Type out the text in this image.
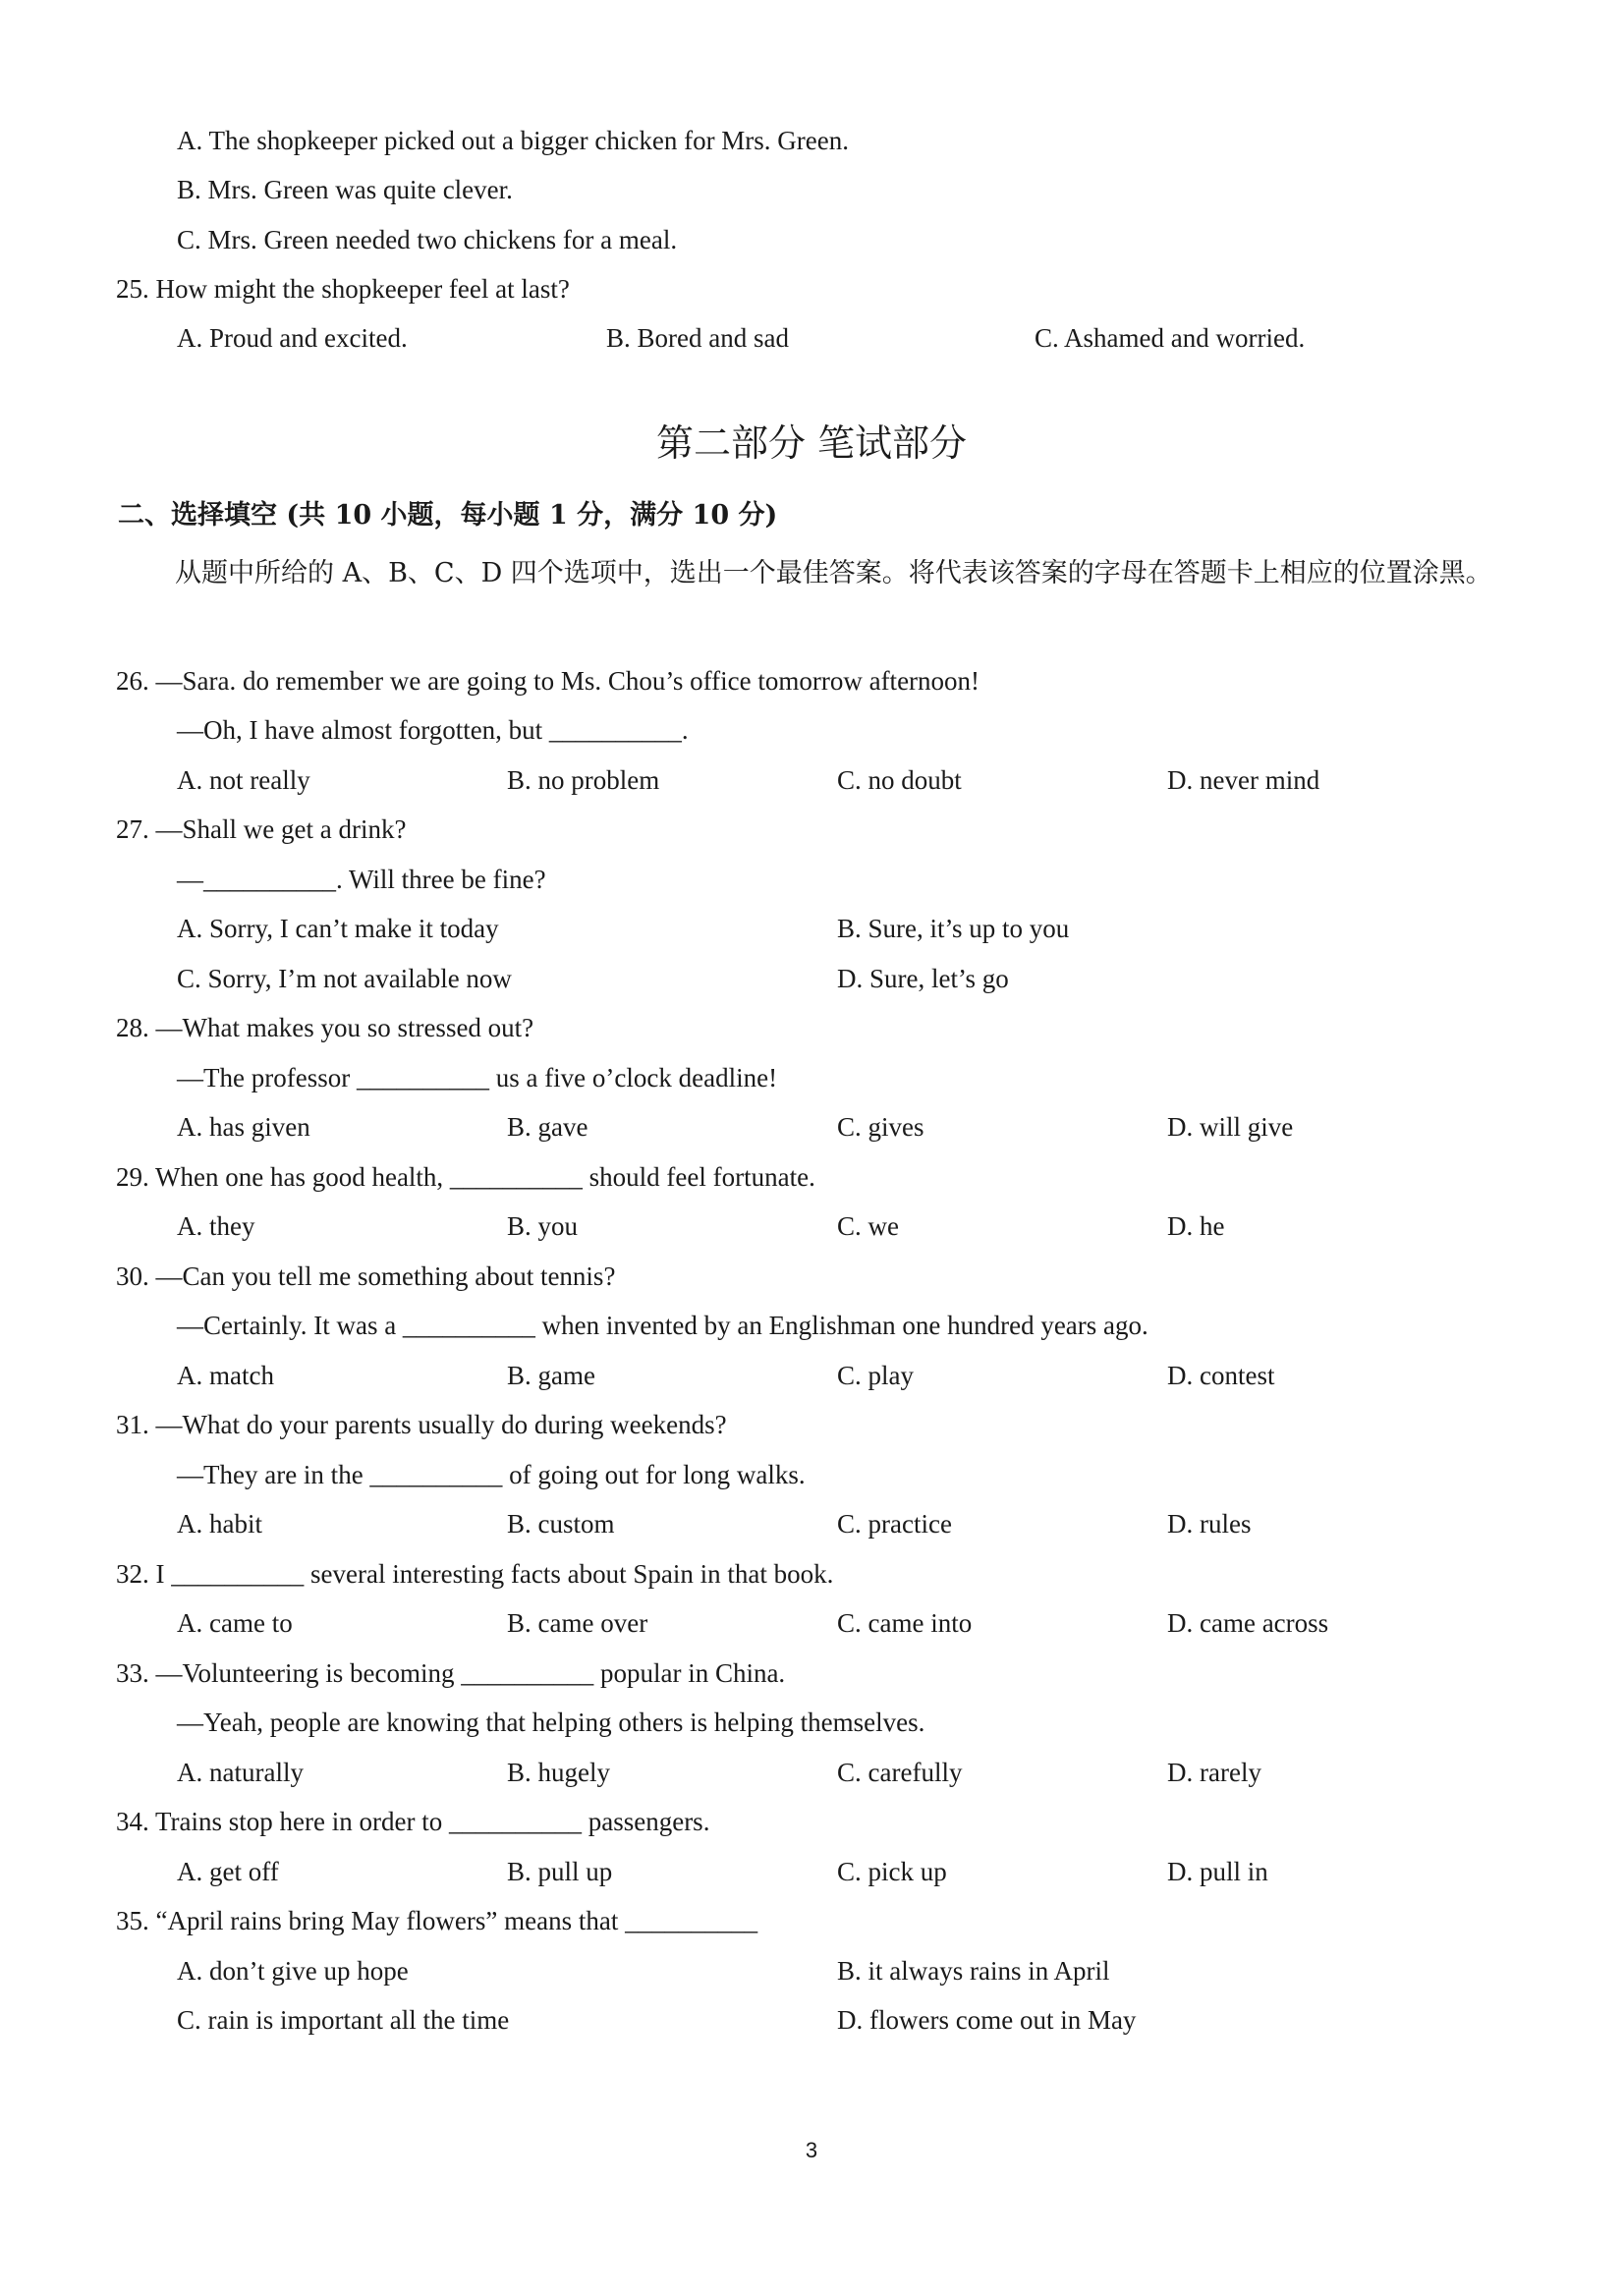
A. The shopkeeper picked out a bigger chicken for Mrs. Green.
B. Mrs. Green was quite clever.
C. Mrs. Green needed two chickens for a meal.
25. How might the shopkeeper feel at last?
A. Proud and excited.	B. Bored and sad	C. Ashamed and worried.
第二部分 笔试部分
二、选择填空 (共 10 小题，每小题 1 分，满分 10 分)
从题中所给的 A、B、C、D 四个选项中，选出一个最佳答案。将代表该答案的字母在答题卡上相应的位置涂黑。
26. —Sara. do remember we are going to Ms. Chou’s office tomorrow afternoon!
—Oh, I have almost forgotten, but __________.
A. not really	B. no problem	C. no doubt	D. never mind
27. —Shall we get a drink?
—__________. Will three be fine?
A. Sorry, I can’t make it today	B. Sure, it’s up to you
C. Sorry, I’m not available now	D. Sure, let’s go
28. —What makes you so stressed out?
—The professor __________ us a five o’clock deadline!
A. has given	B. gave	C. gives	D. will give
29. When one has good health, __________ should feel fortunate.
A. they	B. you	C. we	D. he
30. —Can you tell me something about tennis?
—Certainly. It was a __________ when invented by an Englishman one hundred years ago.
A. match	B. game	C. play	D. contest
31. —What do your parents usually do during weekends?
—They are in the __________ of going out for long walks.
A. habit	B. custom	C. practice	D. rules
32. I __________ several interesting facts about Spain in that book.
A. came to	B. came over	C. came into	D. came across
33. —Volunteering is becoming __________ popular in China.
—Yeah, people are knowing that helping others is helping themselves.
A. naturally	B. hugely	C. carefully	D. rarely
34. Trains stop here in order to __________ passengers.
A. get off	B. pull up	C. pick up	D. pull in
35. “April rains bring May flowers” means that __________
A. don’t give up hope	B. it always rains in April
C. rain is important all the time	D. flowers come out in May
3
